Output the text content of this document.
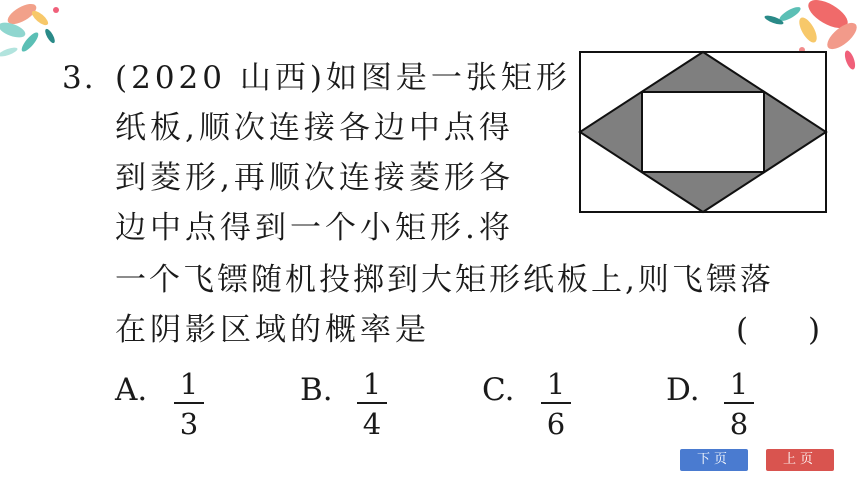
3. (2020 山西)如图是一张矩形
纸板,顺次连接各边中点得
到菱形,再顺次连接菱形各
边中点得到一个小矩形.将
一个飞镖随机投掷到大矩形纸板上,则飞镖落
在阴影区域的概率是	( )
A. 1
3
B. 1
4
C. 1
6
D. 1
8
下页	上页
